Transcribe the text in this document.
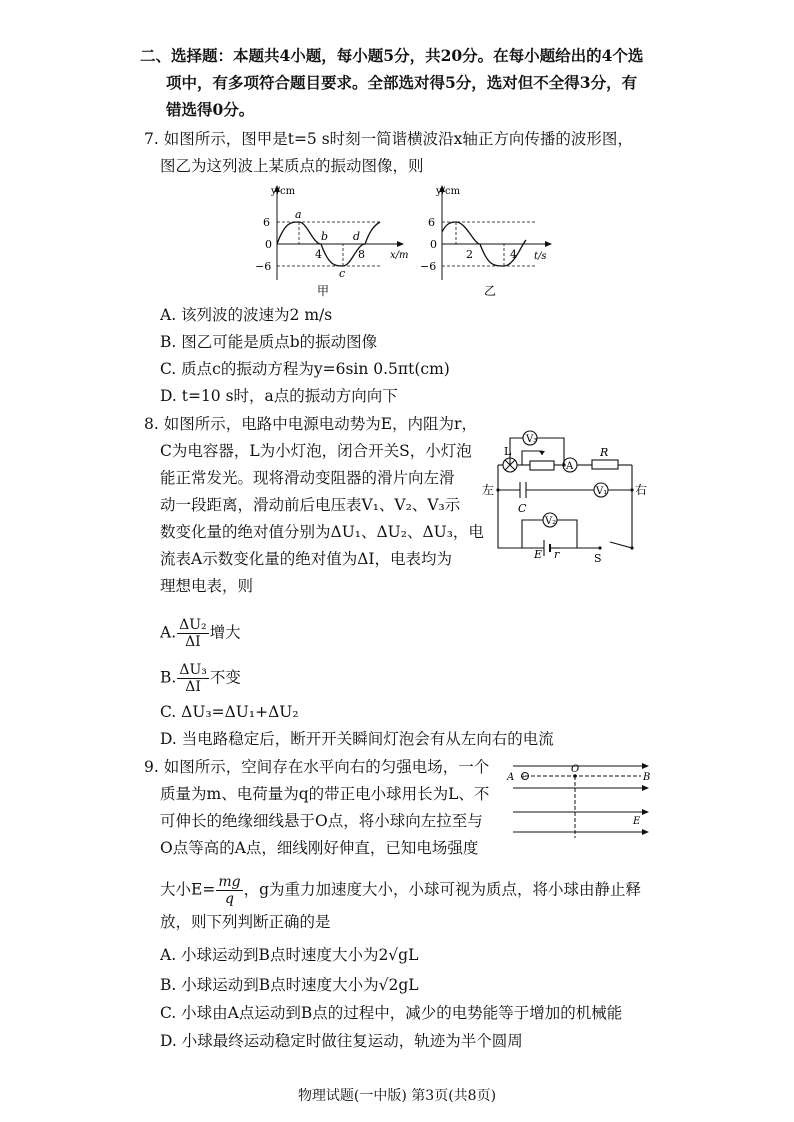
二、选择题：本题共4小题，每小题5分，共20分。在每小题给出的4个选
项中，有多项符合题目要求。全部选对得5分，选对但不全得3分，有
错选得0分。
7. 如图所示，图甲是t=5 s时刻一简谐横波沿x轴正方向传播的波形图，
图乙为这列波上某质点的振动图像，则
y/cm
x/m
6
0
−6
4	8
a
b
c
d
甲
y/cm
t/s
6
0
−6
2	4
乙
A. 该列波的波速为2 m/s
B. 图乙可能是质点b的振动图像
C. 质点c的振动方程为y=6sin 0.5πt(cm)
D. t=10 s时，a点的振动方向向下
8. 如图所示，电路中电源电动势为E，内阻为r，
C为电容器，L为小灯泡，闭合开关S，小灯泡
能正常发光。现将滑动变阻器的滑片向左滑
动一段距离，滑动前后电压表V₁、V₂、V₃示
数变化量的绝对值分别为ΔU₁、ΔU₂、ΔU₃，电
流表A示数变化量的绝对值为ΔI，电表均为
理想电表，则
V₃
L
A
R
V₁
V₂
C
E r	S
左	右
A. $\frac{\text{ΔU₂}}{\Delta I}$ 增大
B. $\frac{\text{ΔU₃}}{\Delta I}$ 不变
C. ΔU₃=ΔU₁+ΔU₂
D. 当电路稳定后，断开开关瞬间灯泡会有从左向右的电流
9. 如图所示，空间存在水平向右的匀强电场，一个
质量为m、电荷量为q的带正电小球用长为L、不
可伸长的绝缘细线悬于O点，将小球向左拉至与
O点等高的A点，细线刚好伸直，已知电场强度
大小$E= \frac{mg}{q}$ ，g为重力加速度大小，小球可视为质点，将小球由静止释
放，则下列判断正确的是
+
A
O
B
E
A. 小球运动到B点时速度大小为2√gL
B. 小球运动到B点时速度大小为√2gL
C. 小球由A点运动到B点的过程中，减少的电势能等于增加的机械能
D. 小球最终运动稳定时做往复运动，轨迹为半个圆周
物理试题(一中版) 第3页(共8页)
